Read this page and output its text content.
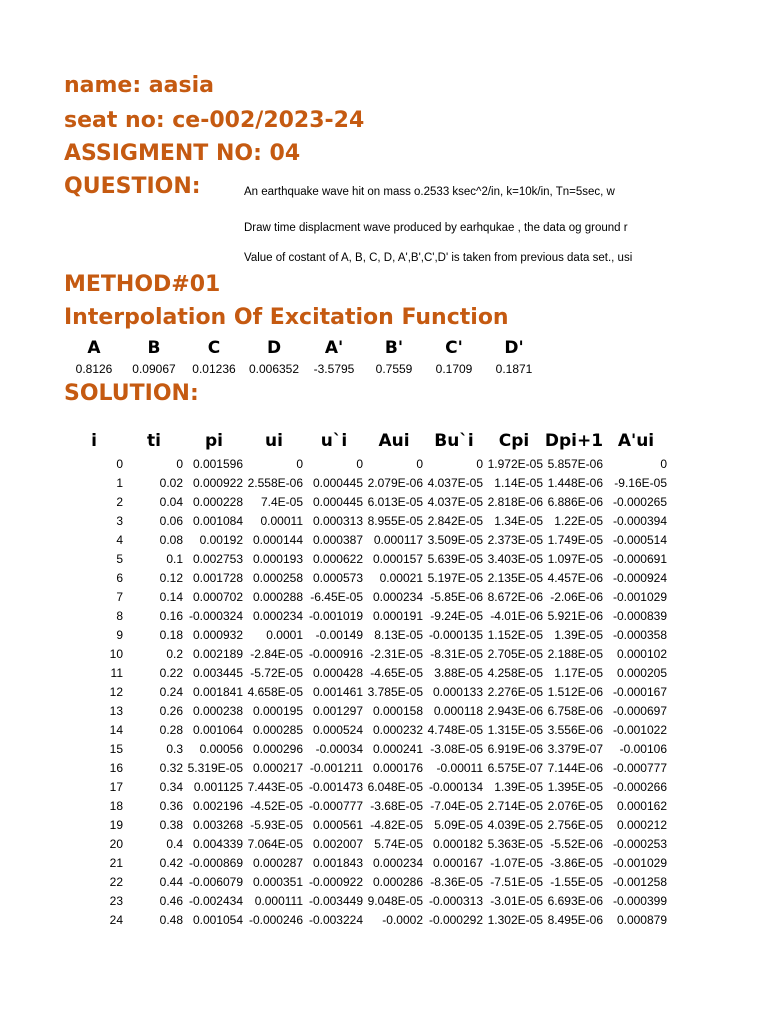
name: aasia
seat no: ce-002/2023-24
ASSIGMENT NO: 04
QUESTION:	An earthquake wave hit on mass o.2533 ksec^2/in, k=10k/in, Tn=5sec, w
Draw time displacment wave produced by earhqukae , the data og ground r
Value of costant of A, B, C, D, A',B',C',D' is taken from previous data set., usi
METHOD#01
Interpolation Of Excitation Function
A	B	C	D	A'	B'	C'	D'
0.8126	0.09067	0.01236	0.006352	-3.5795	0.7559	0.1709	0.1871
SOLUTION:
i	ti	pi	ui	u`i	Aui	Bu`i	Cpi	Dpi+1	A'ui
0	0	0.001596	0	0	0	0	1.972E-05	5.857E-06	0
1	0.02	0.000922	2.558E-06	0.000445	2.079E-06	4.037E-05	1.14E-05	1.448E-06	-9.16E-05
2	0.04	0.000228	7.4E-05	0.000445	6.013E-05	4.037E-05	2.818E-06	6.886E-06	-0.000265
3	0.06	0.001084	0.00011	0.000313	8.955E-05	2.842E-05	1.34E-05	1.22E-05	-0.000394
4	0.08	0.00192	0.000144	0.000387	0.000117	3.509E-05	2.373E-05	1.749E-05	-0.000514
5	0.1	0.002753	0.000193	0.000622	0.000157	5.639E-05	3.403E-05	1.097E-05	-0.000691
6	0.12	0.001728	0.000258	0.000573	0.00021	5.197E-05	2.135E-05	4.457E-06	-0.000924
7	0.14	0.000702	0.000288	-6.45E-05	0.000234	-5.85E-06	8.672E-06	-2.06E-06	-0.001029
8	0.16	-0.000324	0.000234	-0.001019	0.000191	-9.24E-05	-4.01E-06	5.921E-06	-0.000839
9	0.18	0.000932	0.0001	-0.00149	8.13E-05	-0.000135	1.152E-05	1.39E-05	-0.000358
10	0.2	0.002189	-2.84E-05	-0.000916	-2.31E-05	-8.31E-05	2.705E-05	2.188E-05	0.000102
11	0.22	0.003445	-5.72E-05	0.000428	-4.65E-05	3.88E-05	4.258E-05	1.17E-05	0.000205
12	0.24	0.001841	4.658E-05	0.001461	3.785E-05	0.000133	2.276E-05	1.512E-06	-0.000167
13	0.26	0.000238	0.000195	0.001297	0.000158	0.000118	2.943E-06	6.758E-06	-0.000697
14	0.28	0.001064	0.000285	0.000524	0.000232	4.748E-05	1.315E-05	3.556E-06	-0.001022
15	0.3	0.00056	0.000296	-0.00034	0.000241	-3.08E-05	6.919E-06	3.379E-07	-0.00106
16	0.32	5.319E-05	0.000217	-0.001211	0.000176	-0.00011	6.575E-07	7.144E-06	-0.000777
17	0.34	0.001125	7.443E-05	-0.001473	6.048E-05	-0.000134	1.39E-05	1.395E-05	-0.000266
18	0.36	0.002196	-4.52E-05	-0.000777	-3.68E-05	-7.04E-05	2.714E-05	2.076E-05	0.000162
19	0.38	0.003268	-5.93E-05	0.000561	-4.82E-05	5.09E-05	4.039E-05	2.756E-05	0.000212
20	0.4	0.004339	7.064E-05	0.002007	5.74E-05	0.000182	5.363E-05	-5.52E-06	-0.000253
21	0.42	-0.000869	0.000287	0.001843	0.000234	0.000167	-1.07E-05	-3.86E-05	-0.001029
22	0.44	-0.006079	0.000351	-0.000922	0.000286	-8.36E-05	-7.51E-05	-1.55E-05	-0.001258
23	0.46	-0.002434	0.000111	-0.003449	9.048E-05	-0.000313	-3.01E-05	6.693E-06	-0.000399
24	0.48	0.001054	-0.000246	-0.003224	-0.0002	-0.000292	1.302E-05	8.495E-06	0.000879
